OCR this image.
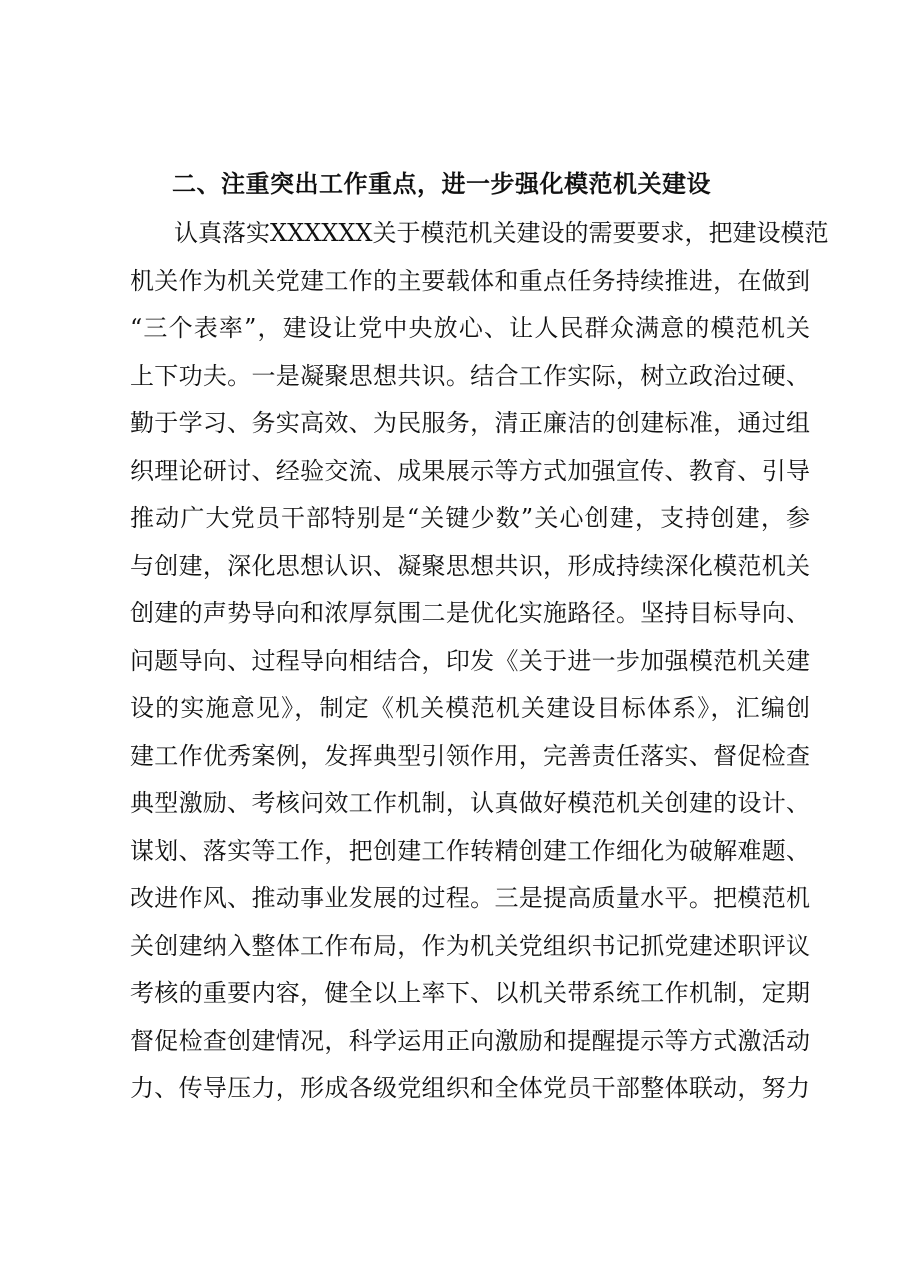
二、注重突出工作重点，进一步强化模范机关建设
认真落实XXXXXX关于模范机关建设的需要要求，把建设模范
机关作为机关党建工作的主要载体和重点任务持续推进，在做到
“三个表率”，建设让党中央放心、让人民群众满意的模范机关
上下功夫。一是凝聚思想共识。结合工作实际，树立政治过硬、
勤于学习、务实高效、为民服务，清正廉洁的创建标准，通过组
织理论研讨、经验交流、成果展示等方式加强宣传、教育、引导
推动广大党员干部特别是“关键少数”关心创建，支持创建，参
与创建，深化思想认识、凝聚思想共识，形成持续深化模范机关
创建的声势导向和浓厚氛围二是优化实施路径。坚持目标导向、
问题导向、过程导向相结合，印发《关于进一步加强模范机关建
设的实施意见》，制定《机关模范机关建设目标体系》，汇编创
建工作优秀案例，发挥典型引领作用，完善责任落实、督促检查
典型激励、考核问效工作机制，认真做好模范机关创建的设计、
谋划、落实等工作，把创建工作转精创建工作细化为破解难题、
改进作风、推动事业发展的过程。三是提高质量水平。把模范机
关创建纳入整体工作布局，作为机关党组织书记抓党建述职评议
考核的重要内容，健全以上率下、以机关带系统工作机制，定期
督促检查创建情况，科学运用正向激励和提醒提示等方式激活动
力、传导压力，形成各级党组织和全体党员干部整体联动，努力
